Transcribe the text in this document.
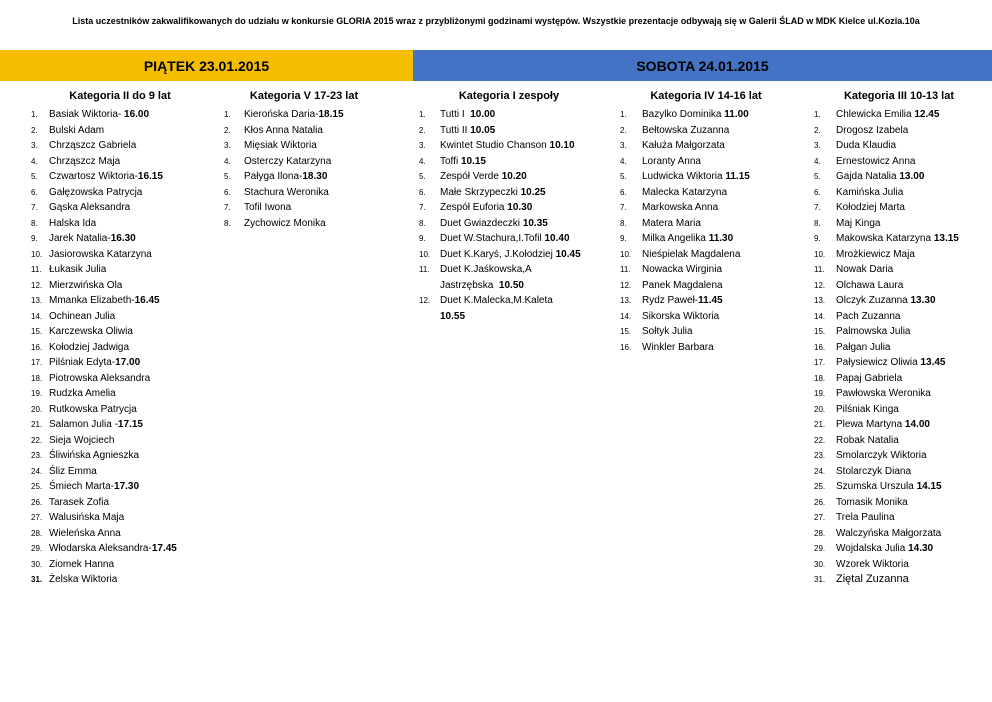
Lista uczestników zakwalifikowanych do udziału w konkursie GLORIA 2015 wraz z przybliżonymi godzinami występów. Wszystkie prezentacje odbywają się w Galerii ŚLAD w MDK Kielce ul.Kozia.10a
PIĄTEK 23.01.2015	SOBOTA 24.01.2015
Kategoria II do 9 lat
1.	Basiak Wiktoria- 16.00
2.	Bulski Adam
3.	Chrząszcz Gabriela
4.	Chrząszcz Maja
5.	Czwartosz Wiktoria-16.15
6.	Gałęzowska Patrycja
7.	Gąska Aleksandra
8.	Halska Ida
9.	Jarek Natalia-16.30
10. Jasiorowska Katarzyna
11. Łukasik Julia
12. Mierzwińska Ola
13. Mmanka Elizabeth-16.45
14. Ochinean Julia
15. Karczewska Oliwia
16. Kołodziej Jadwiga
17. Pilśniak Edyta-17.00
18. Piotrowska Aleksandra
19. Rudzka Amelia
20. Rutkowska Patrycja
21. Salamon Julia -17.15
22. Sieja Wojciech
23. Śliwińska Agnieszka
24. Śliz Emma
25. Śmiech Marta-17.30
26. Tarasek Zofia
27. Walusińska Maja
28. Wieleńska Anna
29. Włodarska Aleksandra-17.45
30. Ziomek Hanna
31. Żelska Wiktoria
Kategoria V 17-23 lat
1.	Kierońska Daria-18.15
2.	Kłos Anna Natalia
3.	Mięsiak Wiktoria
4.	Osterczy Katarzyna
5.	Pałyga Ilona-18.30
6.	Stachura Weronika
7.	Tofil Iwona
8.	Zychowicz Monika
Kategoria I zespoły
1.	Tutti I  10.00
2.	Tutti II 10.05
3.	Kwintet Studio Chanson 10.10
4.	Toffi 10.15
5.	Zespół Verde 10.20
6.	Małe Skrzypeczki 10.25
7.	Zespół Euforia 10.30
8.	Duet Gwiazdeczki 10.35
9.	Duet W.Stachura,I.Tofil 10.40
10. Duet K.Karyś, J.Kołodziej 10.45
11.	Duet K.Jaśkowska,A
Jastrzębska  10.50
12. Duet K.Malecka,M.Kaleta
10.55
Kategoria IV 14-16 lat
1.	Bazylko Dominika 11.00
2.	Bełtowska Zuzanna
3.	Kałuża Małgorzata
4.	Loranty Anna
5.	Ludwicka Wiktoria 11.15
6.	Malecka Katarzyna
7.	Markowska Anna
8.	Matera Maria
9.	Milka Angelika 11.30
10.	Nieśpielak Magdalena
11.	Nowacka Wirginia
12.	Panek Magdalena
13.	Rydz Paweł-11.45
14.	Sikorska Wiktoria
15.	Sołtyk Julia
16.	Winkler Barbara
Kategoria III 10-13 lat
1.	Chlewicka Emilia 12.45
2.	Drogosz Izabela
3.	Duda Klaudia
4.	Ernestowicz Anna
5.	Gajda Natalia 13.00
6.	Kamińska Julia
7.	Kołodziej Marta
8.	Maj Kinga
9.	Makowska Katarzyna 13.15
10.	Mrożkiewicz Maja
11.	Nowak Daria
12.	Olchawa Laura
13.	Olczyk Zuzanna 13.30
14.	Pach Zuzanna
15.	Palmowska Julia
16.	Pałgan Julia
17.	Pałysiewicz Oliwia 13.45
18.	Papaj Gabriela
19.	Pawłowska Weronika
20.	Pilśniak Kinga
21.	Plewa Martyna 14.00
22.	Robak Natalia
23.	Smolarczyk Wiktoria
24.	Stolarczyk Diana
25.	Szumska Urszula 14.15
26.	Tomasik Monika
27.	Trela Paulina
28.	Walczyńska Małgorzata
29.	Wojdalska Julia 14.30
30.	Wzorek Wiktoria
31. Ziętal Zuzanna
